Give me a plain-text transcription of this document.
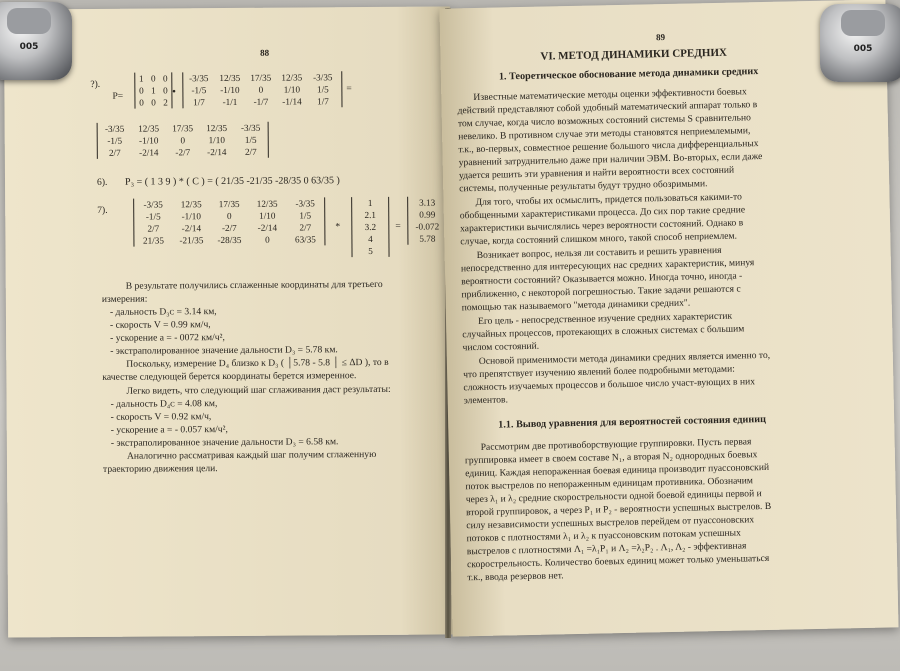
88
?).
P=
1 0 0
0 1 0
0 0 2
•
-3/35	12/35	17/35	12/35	-3/35
-1/5	-1/10	0	1/10	1/5
1/7	-1/1	-1/7	-1/14	1/7
=
-3/35	12/35	17/35	12/35	-3/35
-1/5	-1/10	0	1/10	1/5
2/7	-2/14	-2/7	-2/14	2/7
6). P₃ = ( 1 3 9 ) * ( C ) = ( 21/35 -21/35 -28/35 0 63/35 )
7).
-3/35	12/35	17/35	12/35	-3/35
-1/5	-1/10	0	1/10	1/5
2/7	-2/14	-2/7	-2/14	2/7
21/35	-21/35	-28/35	0	63/35
*
1
2.1
3.2
4
5
=
3.13
0.99
-0.072
5.78
В результате получились сглаженные координаты для третьего
измерения:
- дальность D₃ᴄ = 3.14 км,
- скорость V = 0.99 км/ч,
- ускорение a = - 0072 км/ч²,
- экстраполированное значение дальности D₃ = 5.78 км.
Поскольку, измерение D₄ близко к D₃ ( │5.78 - 5.8 │ ≤ ΔD ), то в
качестве следующей берется координаты берется измеренное.
Легко видеть, что следующий шаг сглаживания даст результаты:
- дальность D₄ᴄ = 4.08 км,
- скорость V = 0.92 км/ч,
- ускорение a = - 0.057 км/ч²,
- экстраполированное значение дальности D₃ = 6.58 км.
Аналогично рассматривая каждый шаг получим сглаженную
траекторию движения цели.
89
VI. МЕТОД ДИНАМИКИ СРЕДНИХ
1. Теоретическое обоснование метода динамики средних
Известные математические методы оценки эффективности боевых
действий представляют собой удобный математический аппарат только в
том случае, когда число возможных состояний системы S сравнительно
невелико. В противном случае эти методы становятся неприемлемыми,
т.к., во-первых, совместное решение большого числа дифференциальных
уравнений затруднительно даже при наличии ЭВМ. Во-вторых, если даже
удается решить эти уравнения и найти вероятности всех состояний
системы, полученные результаты будут трудно обозримыми.
Для того, чтобы их осмыслить, придется пользоваться какими-то
обобщенными характеристиками процесса. До сих пор такие средние
характеристики вычислялись через вероятности состояний. Однако в
случае, когда состояний слишком много, такой способ неприемлем.
Возникает вопрос, нельзя ли составить и решить уравнения
непосредственно для интересующих нас средних характеристик, минуя
вероятности состояний? Оказывается можно. Иногда точно, иногда -
приближенно, с некоторой погрешностью. Такие задачи решаются с
помощью так называемого "метода динамики средних".
Его цель - непосредственное изучение средних характеристик
случайных процессов, протекающих в сложных системах с большим
числом состояний.
Основой применимости метода динамики средних является именно то,
что препятствует изучению явлений более подробными методами:
сложность изучаемых процессов и большое число участ-вующих в них
элементов.
1.1. Вывод уравнения для вероятностей состояния единиц
Рассмотрим две противоборствующие группировки. Пусть первая
группировка имеет в своем составе N₁, а вторая N₂ однородных боевых
единиц. Каждая непораженная боевая единица производит пуассоновский
поток выстрелов по непораженным единицам противника. Обозначим
через λ₁ и λ₂ средние скорострельности одной боевой единицы первой и
второй группировок, а через P₁ и P₂ - вероятности успешных выстрелов. В
силу независимости успешных выстрелов перейдем от пуассоновских
потоков с плотностями λ₁ и λ₂ к пуассоновским потокам успешных
выстрелов с плотностями Λ₁ =λ₁P₁ и Λ₂ =λ₂P₂ . Λ₁, Λ₂ - эффективная
скорострельность. Количество боевых единиц может только уменьшаться
т.к., ввода резервов нет.
005	005
